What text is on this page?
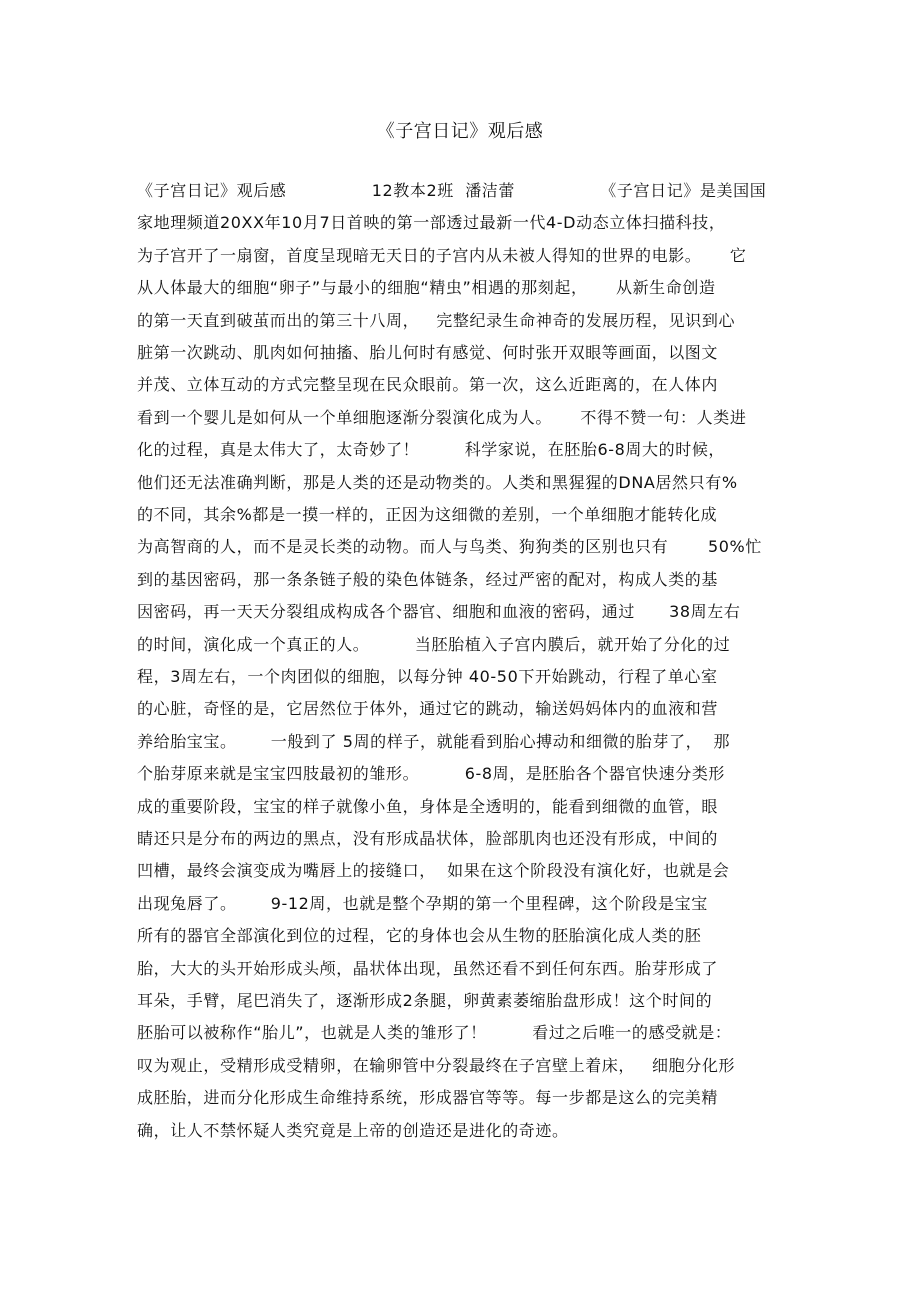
《子宫日记》观后感
《子宫日记》观后感               12教本2班  潘洁蕾               《子宫日记》是美国国
家地理频道20XX年10月7日首映的第一部透过最新一代4-D动态立体扫描科技，
为子宫开了一扇窗，首度呈现暗无天日的子宫内从未被人得知的世界的电影。     它
从人体最大的细胞“卵子”与最小的细胞“精虫”相遇的那刻起，     从新生命创造
的第一天直到破茧而出的第三十八周，   完整纪录生命神奇的发展历程，见识到心
脏第一次跳动、肌肉如何抽搐、胎儿何时有感觉、何时张开双眼等画面，以图文
并茂、立体互动的方式完整呈现在民众眼前。第一次，这么近距离的，在人体内
看到一个婴儿是如何从一个单细胞逐渐分裂演化成为人。     不得不赞一句：人类进
化的过程，真是太伟大了，太奇妙了！        科学家说，在胚胎6-8周大的时候，
他们还无法准确判断，那是人类的还是动物类的。人类和黑猩猩的DNA居然只有%
的不同，其余%都是一摸一样的，正因为这细微的差别，一个单细胞才能转化成
为高智商的人，而不是灵长类的动物。而人与鸟类、狗狗类的区别也只有       50%忙
到的基因密码，那一条条链子般的染色体链条，经过严密的配对，构成人类的基
因密码，再一天天分裂组成构成各个器官、细胞和血液的密码，通过      38周左右
的时间，演化成一个真正的人。        当胚胎植入子宫内膜后，就开始了分化的过
程，3周左右，一个肉团似的细胞，以每分钟 40-50下开始跳动，行程了单心室
的心脏，奇怪的是，它居然位于体外，通过它的跳动，输送妈妈体内的血液和营
养给胎宝宝。      一般到了 5周的样子，就能看到胎心搏动和细微的胎芽了，  那
个胎芽原来就是宝宝四肢最初的雏形。        6-8周，是胚胎各个器官快速分类形
成的重要阶段，宝宝的样子就像小鱼，身体是全透明的，能看到细微的血管，眼
睛还只是分布的两边的黑点，没有形成晶状体，脸部肌肉也还没有形成，中间的
凹槽，最终会演变成为嘴唇上的接缝口，  如果在这个阶段没有演化好，也就是会
出现兔唇了。      9-12周，也就是整个孕期的第一个里程碑，这个阶段是宝宝
所有的器官全部演化到位的过程，它的身体也会从生物的胚胎演化成人类的胚
胎，大大的头开始形成头颅，晶状体出现，虽然还看不到任何东西。胎芽形成了
耳朵，手臂，尾巴消失了，逐渐形成2条腿，卵黄素萎缩胎盘形成！这个时间的
胚胎可以被称作“胎儿”，也就是人类的雏形了！        看过之后唯一的感受就是：
叹为观止，受精形成受精卵，在输卵管中分裂最终在子宫壁上着床，   细胞分化形
成胚胎，进而分化形成生命维持系统，形成器官等等。每一步都是这么的完美精
确，让人不禁怀疑人类究竟是上帝的创造还是进化的奇迹。
